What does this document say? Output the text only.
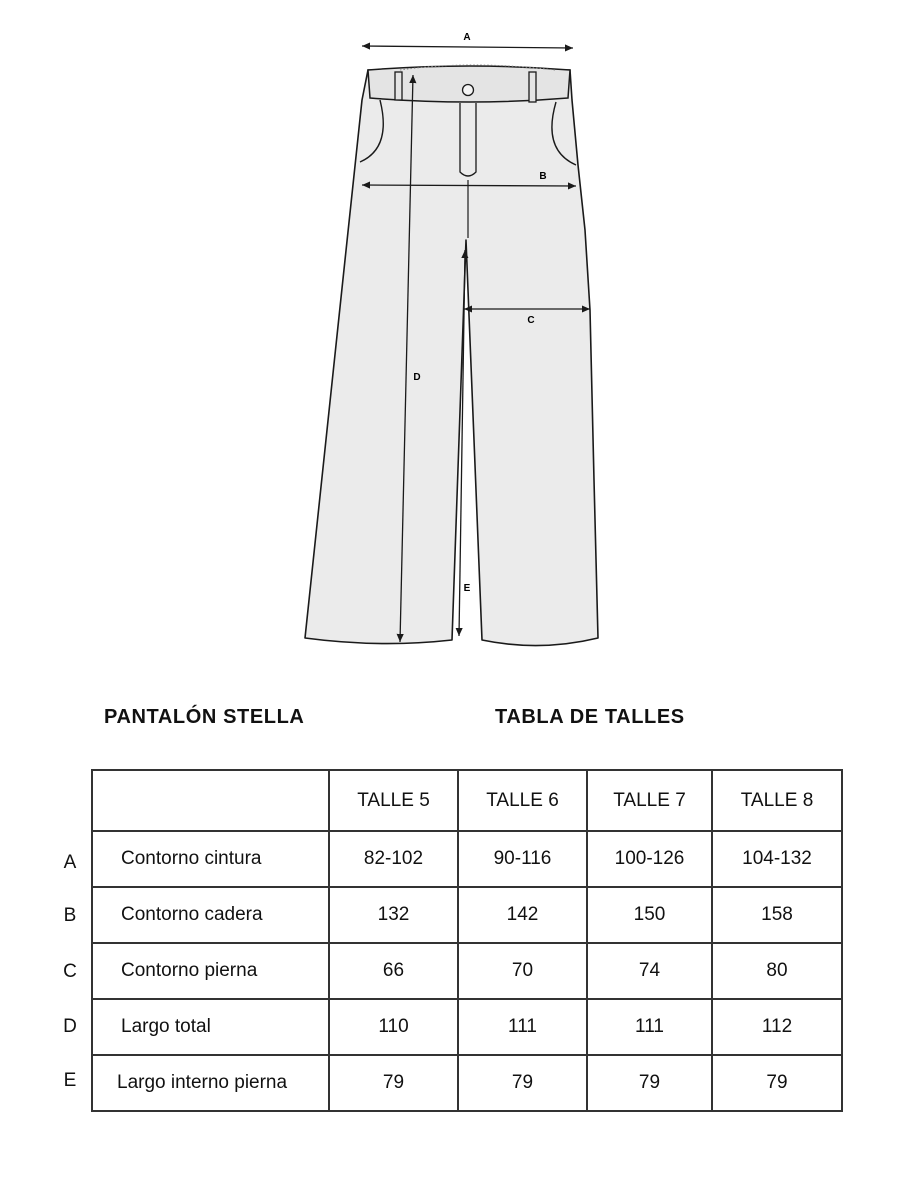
A
B
C
D
E
PANTALÓN STELLA	TABLA DE TALLES
A
B
C
D
E
	TALLE 5	TALLE 6	TALLE 7	TALLE 8
Contorno cintura	82-102	90-116	100-126	104-132
Contorno cadera	132	142	150	158
Contorno pierna	66	70	74	80
Largo total	110	111	111	112
Largo interno pierna	79	79	79	79
